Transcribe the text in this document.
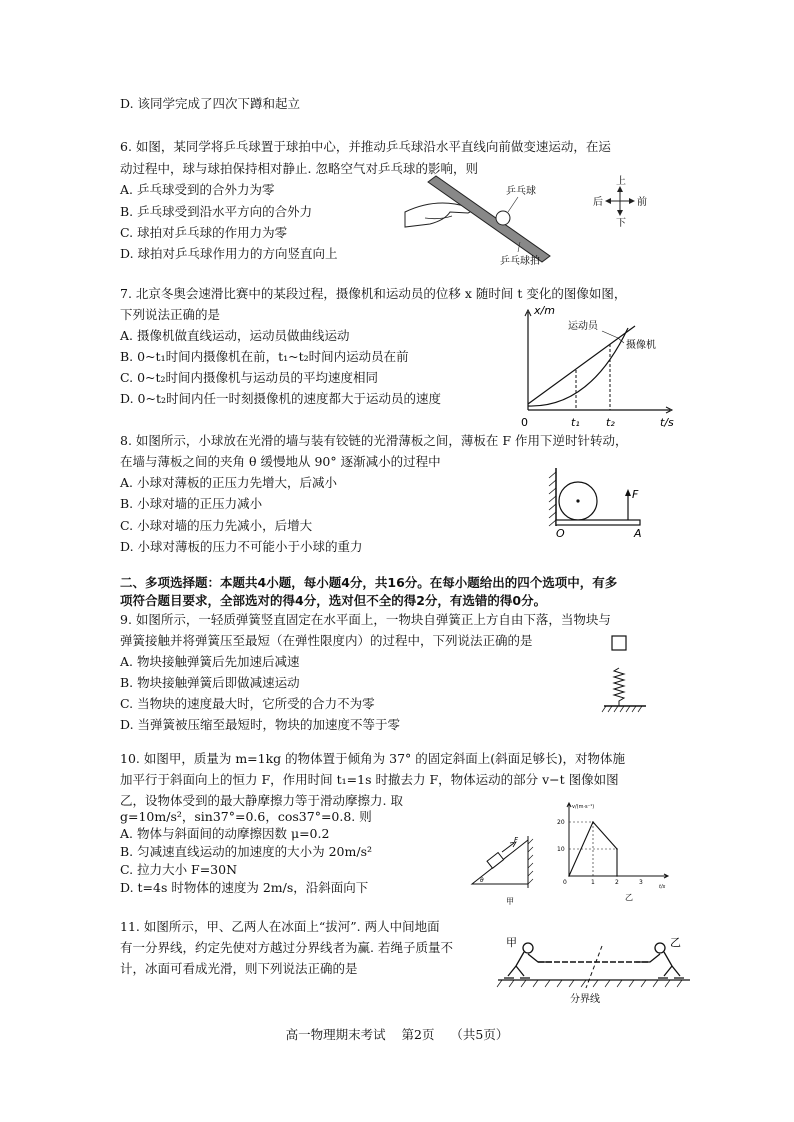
D. 该同学完成了四次下蹲和起立
6. 如图，某同学将乒乓球置于球拍中心，并推动乒乓球沿水平直线向前做变速运动，在运
动过程中，球与球拍保持相对静止. 忽略空气对乒乓球的影响，则
A. 乒乓球受到的合外力为零
B. 乒乓球受到沿水平方向的合外力
C. 球拍对乒乓球的作用力为零
D. 球拍对乒乓球作用力的方向竖直向上
乒乓球
乒乓球拍
上
下
后	前
7. 北京冬奥会速滑比赛中的某段过程，摄像机和运动员的位移 x 随时间 t 变化的图像如图，
下列说法正确的是
A. 摄像机做直线运动，运动员做曲线运动
B. 0~t₁时间内摄像机在前，t₁~t₂时间内运动员在前
C. 0~t₂时间内摄像机与运动员的平均速度相同
D. 0~t₂时间内任一时刻摄像机的速度都大于运动员的速度
x/m
t/s
0	t₁ t₂
运动员
摄像机
8. 如图所示，小球放在光滑的墙与装有铰链的光滑薄板之间，薄板在 F 作用下逆时针转动，
在墙与薄板之间的夹角 θ 缓慢地从 90° 逐渐减小的过程中
A. 小球对薄板的正压力先增大，后减小
B. 小球对墙的正压力减小
C. 小球对墙的压力先减小，后增大
D. 小球对薄板的压力不可能小于小球的重力
F
O	A
二、多项选择题：本题共4小题，每小题4分，共16分。在每小题给出的四个选项中，有多
项符合题目要求，全部选对的得4分，选对但不全的得2分，有选错的得0分。
9. 如图所示，一轻质弹簧竖直固定在水平面上，一物块自弹簧正上方自由下落，当物块与
弹簧接触并将弹簧压至最短（在弹性限度内）的过程中，下列说法正确的是
A. 物块接触弹簧后先加速后减速
B. 物块接触弹簧后即做减速运动
C. 当物块的速度最大时，它所受的合力不为零
D. 当弹簧被压缩至最短时，物块的加速度不等于零
10. 如图甲，质量为 m=1kg 的物体置于倾角为 37° 的固定斜面上(斜面足够长)，对物体施
加平行于斜面向上的恒力 F，作用时间 t₁=1s 时撤去力 F，物体运动的部分 v−t 图像如图
乙，设物体受到的最大静摩擦力等于滑动摩擦力. 取
g=10m/s²，sin37°=0.6，cos37°=0.8. 则
A. 物体与斜面间的动摩擦因数 μ=0.2
B. 匀减速直线运动的加速度的大小为 20m/s²
C. 拉力大小 F=30N
D. t=4s 时物体的速度为 2m/s，沿斜面向下
F
θ
甲
v/(m·s⁻¹)
t/s
20
10
0	1	2	3
乙
11. 如图所示，甲、乙两人在冰面上“拔河”. 两人中间地面
有一分界线，约定先使对方越过分界线者为赢. 若绳子质量不
计，冰面可看成光滑，则下列说法正确的是
甲	乙
分界线
高一物理期末考试    第2页    （共5页）
